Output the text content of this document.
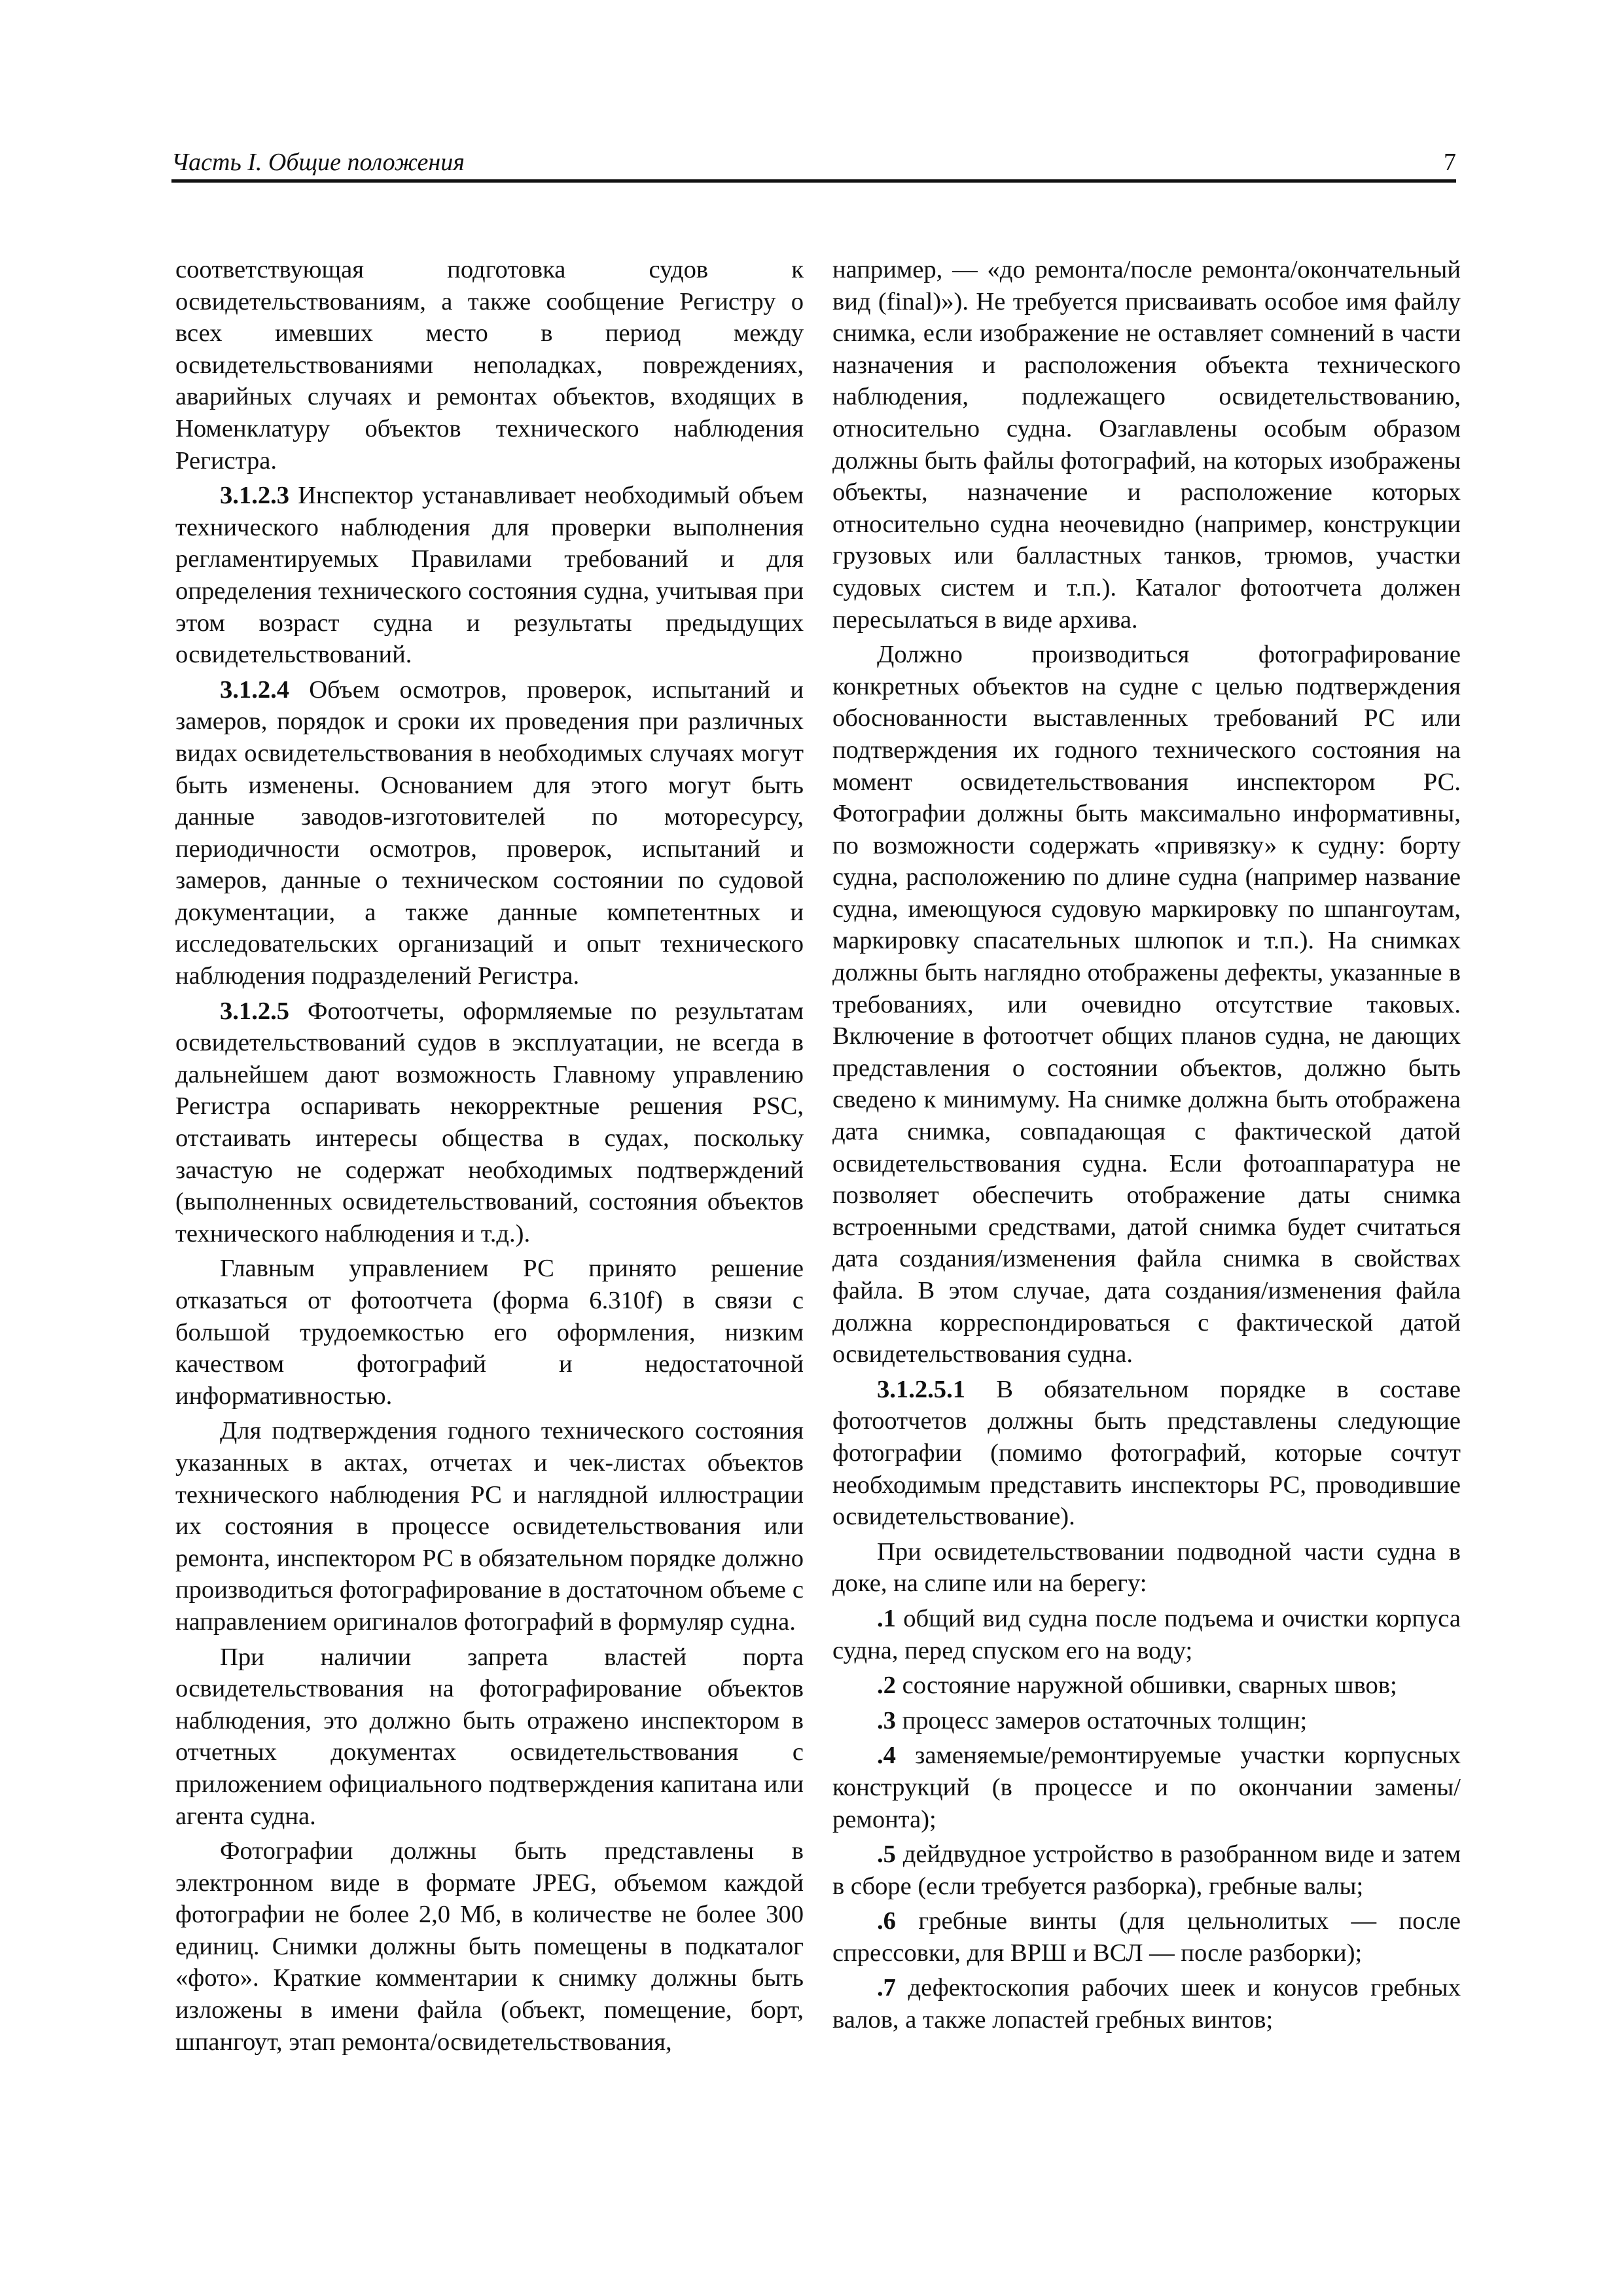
Часть I. Общие положения	7

соответствующая подготовка судов к освидетельствованиям, а также сообщение Регистру о всех имевших место в период между освидетельствованиями неполадках, повреждениях, аварийных случаях и ремонтах объектов, входящих в Номенклатуру объектов технического наблюдения Регистра.

3.1.2.3 Инспектор устанавливает необходимый объем технического наблюдения для проверки выполнения регламентируемых Правилами требований и для определения технического состояния судна, учитывая при этом возраст судна и результаты предыдущих освидетельствований.

3.1.2.4 Объем осмотров, проверок, испытаний и замеров, порядок и сроки их проведения при различных видах освидетельствования в необходимых случаях могут быть изменены. Основанием для этого могут быть данные заводов-изготовителей по моторесурсу, периодичности осмотров, проверок, испытаний и замеров, данные о техническом состоянии по судовой документации, а также данные компетентных и исследовательских организаций и опыт технического наблюдения подразделений Регистра.

3.1.2.5 Фотоотчеты, оформляемые по результатам освидетельствований судов в эксплуатации, не всегда в дальнейшем дают возможность Главному управлению Регистра оспаривать некорректные решения PSC, отстаивать интересы общества в судах, поскольку зачастую не содержат необходимых подтверждений (выполненных освидетельствований, состояния объектов технического наблюдения и т.д.).

Главным управлением РС принято решение отказаться от фотоотчета (форма 6.310f) в связи с большой трудоемкостью его оформления, низким качеством фотографий и недостаточной информативностью.

Для подтверждения годного технического состояния указанных в актах, отчетах и чек-листах объектов технического наблюдения РС и наглядной иллюстрации их состояния в процессе освидетельствования или ремонта, инспектором РС в обязательном порядке должно производиться фотографирование в достаточном объеме с направлением оригиналов фотографий в формуляр судна.

При наличии запрета властей порта освидетельствования на фотографирование объектов наблюдения, это должно быть отражено инспектором в отчетных документах освидетельствования с приложением официального подтверждения капитана или агента судна.

Фотографии должны быть представлены в электронном виде в формате JPEG, объемом каждой фотографии не более 2,0 Мб, в количестве не более 300 единиц. Снимки должны быть помещены в подкаталог «фото». Краткие комментарии к снимку должны быть изложены в имени файла (объект, помещение, борт, шпангоут, этап ремонта/освидетельствования,

например, — «до ремонта/после ремонта/окончательный вид (final)»). Не требуется присваивать особое имя файлу снимка, если изображение не оставляет сомнений в части назначения и расположения объекта технического наблюдения, подлежащего освидетельствованию, относительно судна. Озаглавлены особым образом должны быть файлы фотографий, на которых изображены объекты, назначение и расположение которых относительно судна неочевидно (например, конструкции грузовых или балластных танков, трюмов, участки судовых систем и т.п.). Каталог фотоотчета должен пересылаться в виде архива.

Должно производиться фотографирование конкретных объектов на судне с целью подтверждения обоснованности выставленных требований РС или подтверждения их годного технического состояния на момент освидетельствования инспектором РС. Фотографии должны быть максимально информативны, по возможности содержать «привязку» к судну: борту судна, расположению по длине судна (например название судна, имеющуюся судовую маркировку по шпангоутам, маркировку спасательных шлюпок и т.п.). На снимках должны быть наглядно отображены дефекты, указанные в требованиях, или очевидно отсутствие таковых. Включение в фотоотчет общих планов судна, не дающих представления о состоянии объектов, должно быть сведено к минимуму. На снимке должна быть отображена дата снимка, совпадающая с фактической датой освидетельствования судна. Если фотоаппаратура не позволяет обеспечить отображение даты снимка встроенными средствами, датой снимка будет считаться дата создания/изменения файла снимка в свойствах файла. В этом случае, дата создания/изменения файла должна корреспондироваться с фактической датой освидетельствования судна.

3.1.2.5.1 В обязательном порядке в составе фотоотчетов должны быть представлены следующие фотографии (помимо фотографий, которые сочтут необходимым представить инспекторы РС, проводившие освидетельствование).

При освидетельствовании подводной части судна в доке, на слипе или на берегу:

.1 общий вид судна после подъема и очистки корпуса судна, перед спуском его на воду;

.2 состояние наружной обшивки, сварных швов;

.3 процесс замеров остаточных толщин;

.4 заменяемые/ремонтируемые участки корпусных конструкций (в процессе и по окончании замены/ремонта);

.5 дейдвудное устройство в разобранном виде и затем в сборе (если требуется разборка), гребные валы;

.6 гребные винты (для цельнолитых — после спрессовки, для ВРШ и ВСЛ — после разборки);

.7 дефектоскопия рабочих шеек и конусов гребных валов, а также лопастей гребных винтов;
